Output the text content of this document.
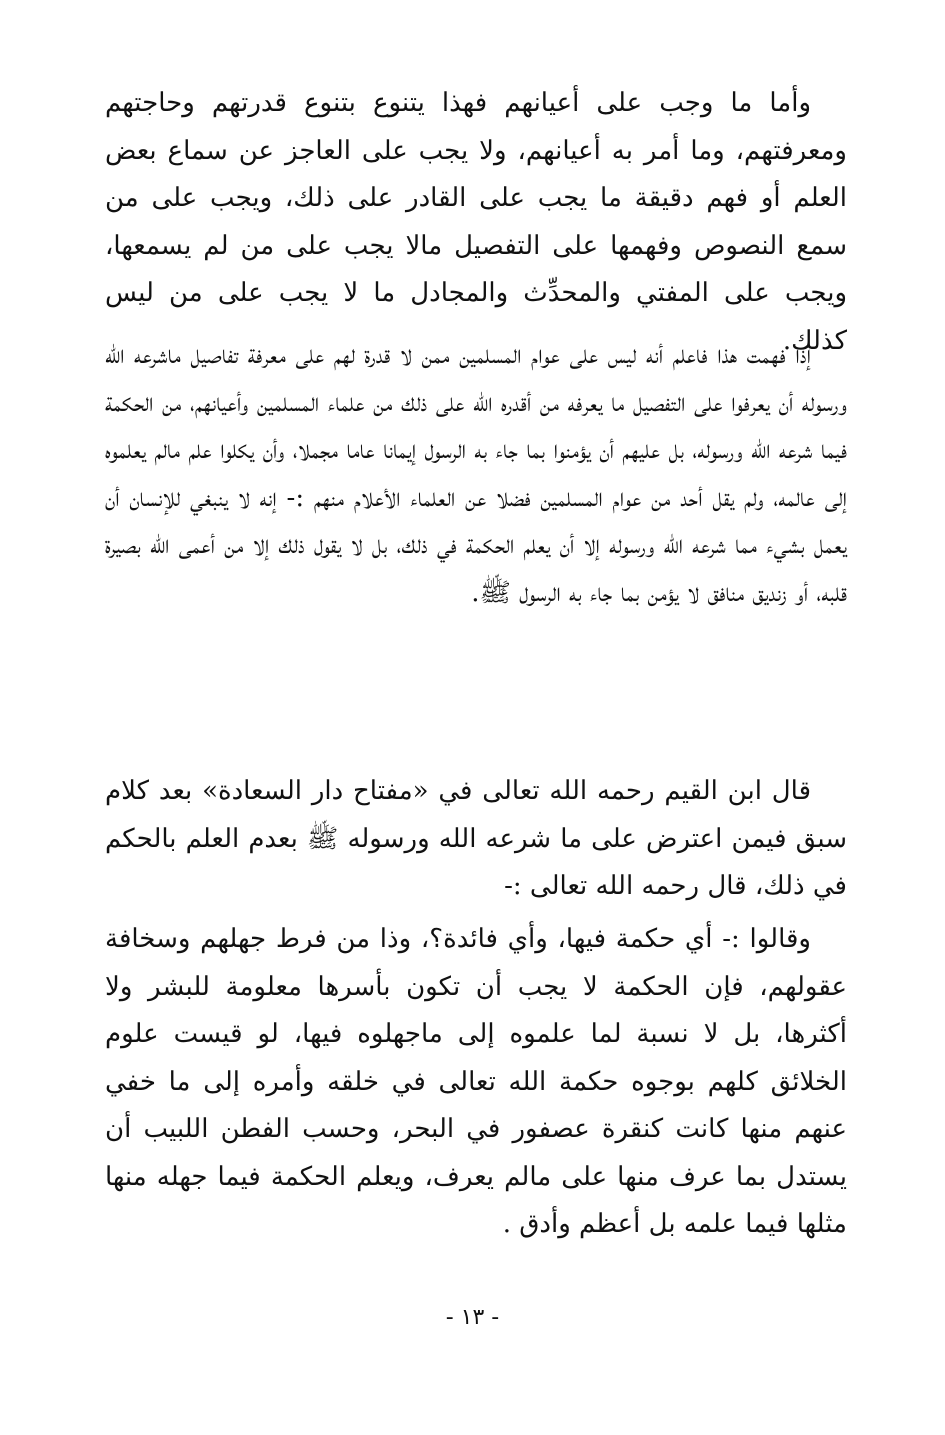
وأما ما وجب على أعيانهم فهذا يتنوع بتنوع قدرتهم وحاجتهم ومعرفتهم، وما أمر به أعيانهم، ولا يجب على العاجز عن سماع بعض العلم أو فهم دقيقة ما يجب على القادر على ذلك، ويجب على من سمع النصوص وفهمها على التفصيل مالا يجب على من لم يسمعها، ويجب على المفتي والمحدِّث والمجادل ما لا يجب على من ليس كذلك.

إذا فهمت هذا فاعلم أنه ليس على عوام المسلمين ممن لا قدرة لهم على معرفة تفاصيل ماشرعه الله ورسوله أن يعرفوا على التفصيل ما يعرفه من أقدره الله على ذلك من علماء المسلمين وأعيانهم، من الحكمة فيما شرعه الله ورسوله، بل عليهم أن يؤمنوا بما جاء به الرسول إيمانا عاما مجملا، وأن يكلوا علم مالم يعلموه إلى عالمه، ولم يقل أحد من عوام المسلمين فضلا عن العلماء الأعلام منهم :- إنه لا ينبغي للإنسان أن يعمل بشيء مما شرعه الله ورسوله إلا أن يعلم الحكمة في ذلك، بل لا يقول ذلك إلا من أعمى الله بصيرة قلبه، أو زنديق منافق لا يؤمن بما جاء به الرسول ﷺ.

قال ابن القيم رحمه الله تعالى في «مفتاح دار السعادة» بعد كلام سبق فيمن اعترض على ما شرعه الله ورسوله ﷺ بعدم العلم بالحكم في ذلك، قال رحمه الله تعالى :-

وقالوا :- أي حكمة فيها، وأي فائدة؟، وذا من فرط جهلهم وسخافة عقولهم، فإن الحكمة لا يجب أن تكون بأسرها معلومة للبشر ولا أكثرها، بل لا نسبة لما علموه إلى ماجهلوه فيها، لو قيست علوم الخلائق كلهم بوجوه حكمة الله تعالى في خلقه وأمره إلى ما خفي عنهم منها كانت كنقرة عصفور في البحر، وحسب الفطن اللبيب أن يستدل بما عرف منها على مالم يعرف، ويعلم الحكمة فيما جهله منها مثلها فيما علمه بل أعظم وأدق .

- ١٣ -
